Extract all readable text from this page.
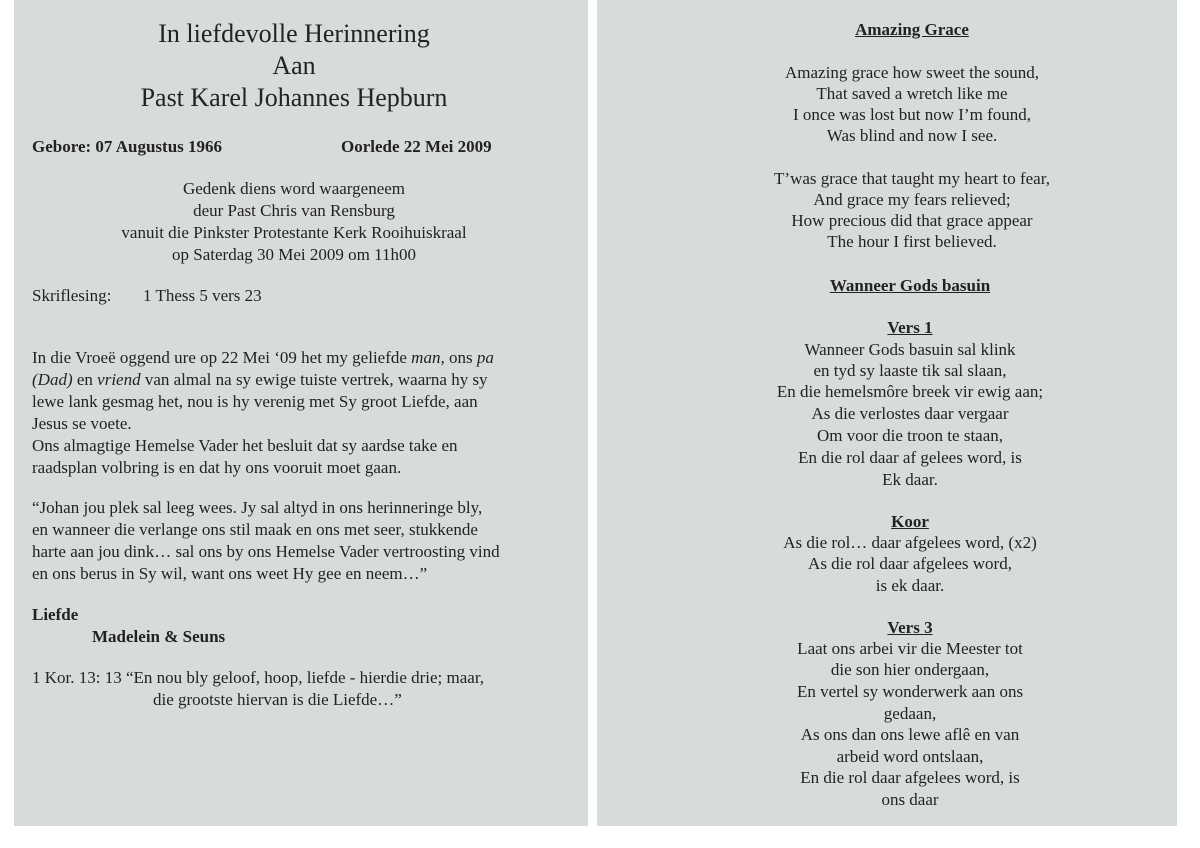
In liefdevolle Herinnering
Aan
Past Karel Johannes Hepburn
Gebore: 07 Augustus 1966	Oorlede 22 Mei 2009
Gedenk diens word waargeneem
deur Past Chris van Rensburg
vanuit die Pinkster Protestante Kerk Rooihuiskraal
op Saterdag 30 Mei 2009 om 11h00
Skriflesing: 1 Thess 5 vers 23
In die Vroeë oggend ure op 22 Mei ‘09 het my geliefde man, ons pa
(Dad) en vriend van almal na sy ewige tuiste vertrek, waarna hy sy
lewe lank gesmag het, nou is hy verenig met Sy groot Liefde, aan
Jesus se voete.
Ons almagtige Hemelse Vader het besluit dat sy aardse take en
raadsplan volbring is en dat hy ons vooruit moet gaan.
“Johan jou plek sal leeg wees. Jy sal altyd in ons herinneringe bly,
en wanneer die verlange ons stil maak en ons met seer, stukkende
harte aan jou dink… sal ons by ons Hemelse Vader vertroosting vind
en ons berus in Sy wil, want ons weet Hy gee en neem…”
Liefde
Madelein & Seuns
1 Kor. 13: 13 “En nou bly geloof, hoop, liefde - hierdie drie; maar,
die grootste hiervan is die Liefde…”
Amazing Grace
Amazing grace how sweet the sound,
That saved a wretch like me
I once was lost but now I’m found,
Was blind and now I see.
T’was grace that taught my heart to fear,
And grace my fears relieved;
How precious did that grace appear
The hour I first believed.
Wanneer Gods basuin
Vers 1
Wanneer Gods basuin sal klink
en tyd sy laaste tik sal slaan,
En die hemelsmôre breek vir ewig aan;
As die verlostes daar vergaar
Om voor die troon te staan,
En die rol daar af gelees word, is
Ek daar.
Koor
As die rol… daar afgelees word, (x2)
As die rol daar afgelees word,
is ek daar.
Vers 3
Laat ons arbei vir die Meester tot
die son hier ondergaan,
En vertel sy wonderwerk aan ons
gedaan,
As ons dan ons lewe aflê en van
arbeid word ontslaan,
En die rol daar afgelees word, is
ons daar
